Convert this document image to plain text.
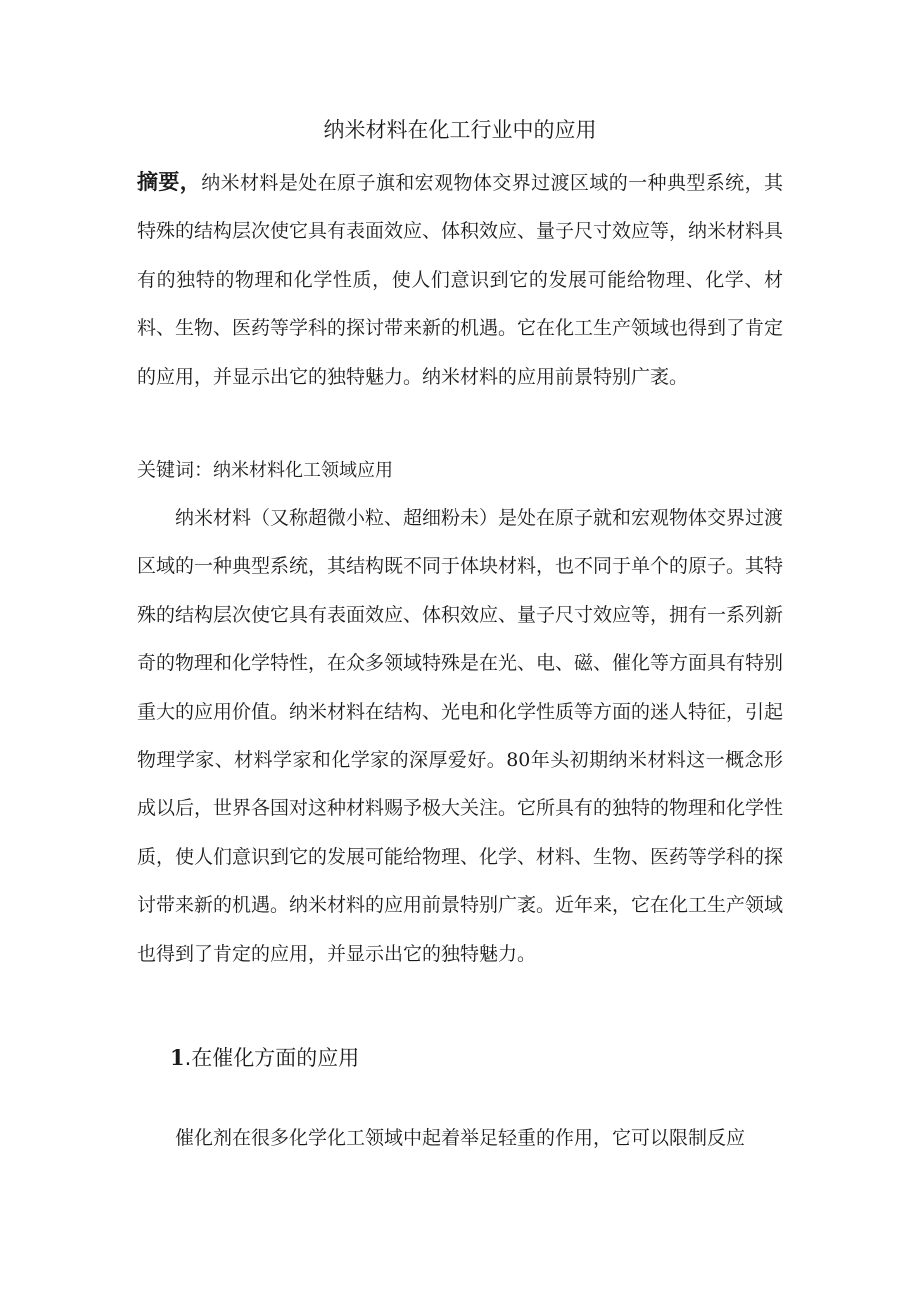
纳米材料在化工行业中的应用

摘要，纳米材料是处在原子旗和宏观物体交界过渡区域的一种典型系统，其特殊的结构层次使它具有表面效应、体积效应、量子尺寸效应等，纳米材料具有的独特的物理和化学性质，使人们意识到它的发展可能给物理、化学、材料、生物、医药等学科的探讨带来新的机遇。它在化工生产领域也得到了肯定的应用，并显示出它的独特魅力。纳米材料的应用前景特别广袤。

关键词：纳米材料化工领域应用

纳米材料（又称超微小粒、超细粉未）是处在原子就和宏观物体交界过渡区域的一种典型系统，其结构既不同于体块材料，也不同于单个的原子。其特殊的结构层次使它具有表面效应、体积效应、量子尺寸效应等，拥有一系列新奇的物理和化学特性，在众多领域特殊是在光、电、磁、催化等方面具有特别重大的应用价值。纳米材料在结构、光电和化学性质等方面的迷人特征，引起物理学家、材料学家和化学家的深厚爱好。80年头初期纳米材料这一概念形成以后，世界各国对这种材料赐予极大关注。它所具有的独特的物理和化学性质，使人们意识到它的发展可能给物理、化学、材料、生物、医药等学科的探讨带来新的机遇。纳米材料的应用前景特别广袤。近年来，它在化工生产领域也得到了肯定的应用，并显示出它的独特魅力。

1.在催化方面的应用

催化剂在很多化学化工领域中起着举足轻重的作用，它可以限制反应
